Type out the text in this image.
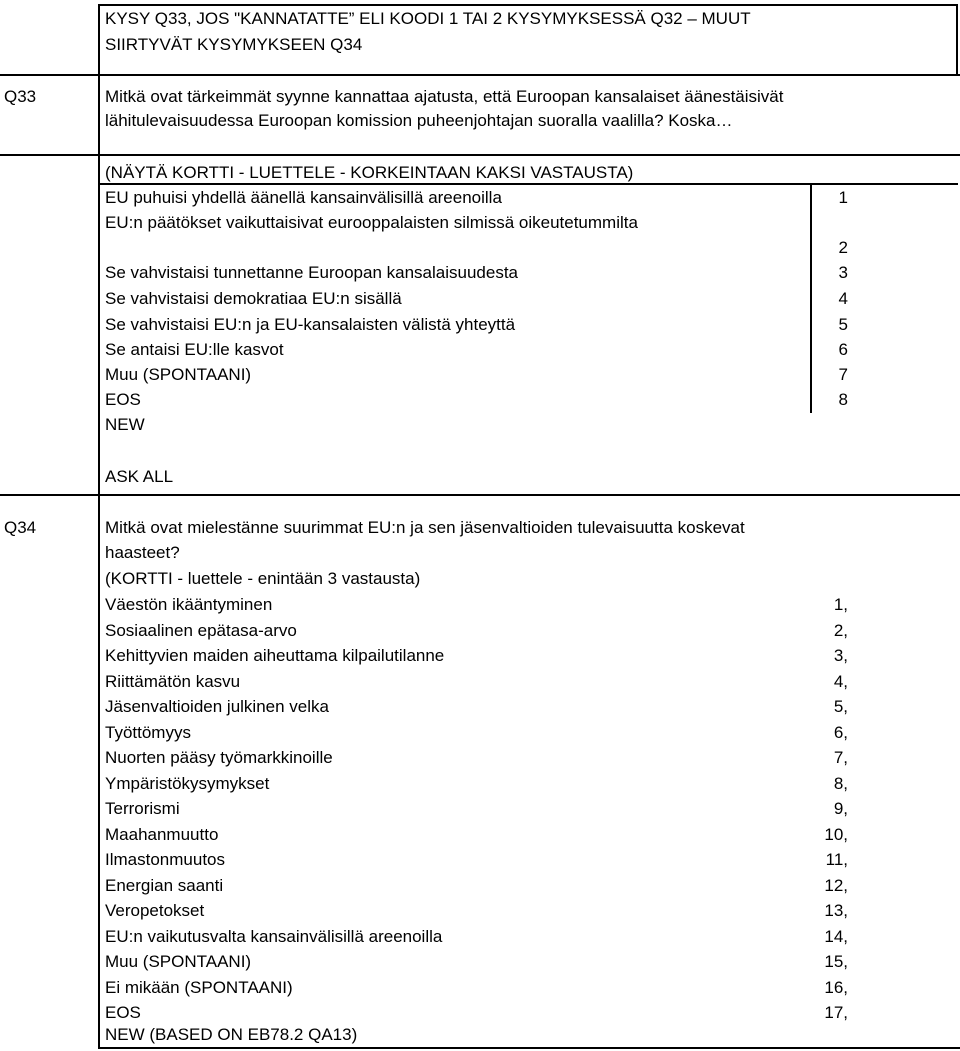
KYSY Q33, JOS "KANNATATTE” ELI KOODI 1 TAI 2 KYSYMYKSESSÄ Q32 – MUUT
SIIRTYVÄT KYSYMYKSEEN Q34
Q33	Mitkä ovat tärkeimmät syynne kannattaa ajatusta, että Euroopan kansalaiset äänestäisivät
lähitulevaisuudessa Euroopan komission puheenjohtajan suoralla vaalilla? Koska…
(NÄYTÄ KORTTI - LUETTELE - KORKEINTAAN KAKSI VASTAUSTA)
EU puhuisi yhdellä äänellä kansainvälisillä areenoilla	1
EU:n päätökset vaikuttaisivat eurooppalaisten silmissä oikeutetummilta
2
Se vahvistaisi tunnettanne Euroopan kansalaisuudesta	3
Se vahvistaisi demokratiaa EU:n sisällä	4
Se vahvistaisi EU:n ja EU-kansalaisten välistä yhteyttä	5
Se antaisi EU:lle kasvot	6
Muu (SPONTAANI)	7
EOS	8
NEW
ASK ALL
Q34	Mitkä ovat mielestänne suurimmat EU:n ja sen jäsenvaltioiden tulevaisuutta koskevat
haasteet?
(KORTTI - luettele - enintään 3 vastausta)
Väestön ikääntyminen	1,
Sosiaalinen epätasa-arvo	2,
Kehittyvien maiden aiheuttama kilpailutilanne	3,
Riittämätön kasvu	4,
Jäsenvaltioiden julkinen velka	5,
Työttömyys	6,
Nuorten pääsy työmarkkinoille	7,
Ympäristökysymykset	8,
Terrorismi	9,
Maahanmuutto	10,
Ilmastonmuutos	11,
Energian saanti	12,
Veropetokset	13,
EU:n vaikutusvalta kansainvälisillä areenoilla	14,
Muu (SPONTAANI)	15,
Ei mikään (SPONTAANI)	16,
EOS	17,
NEW (BASED ON EB78.2 QA13)
